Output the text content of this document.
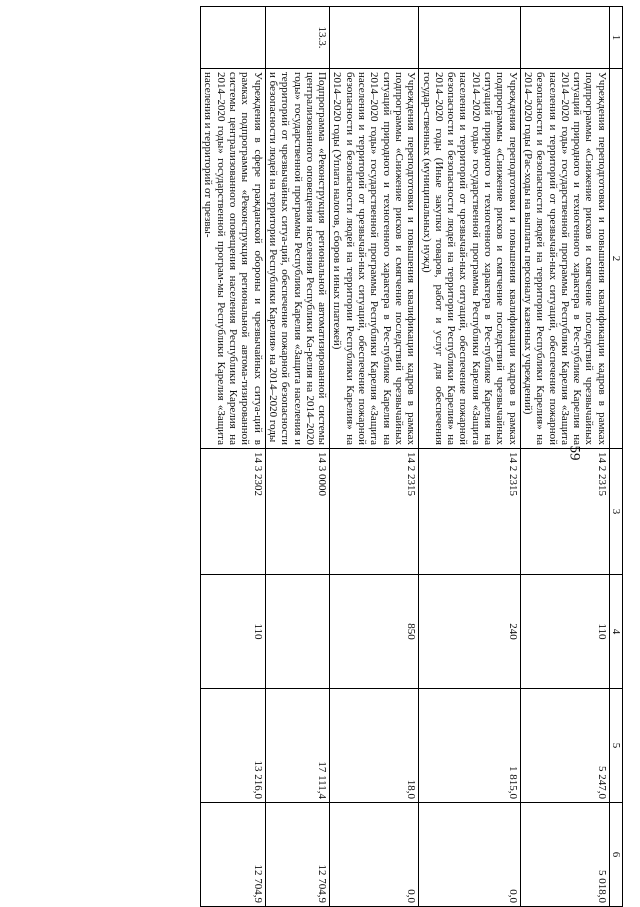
59
1	2	3	4	5	6
	Учреждения переподготовки и повышения квалификации кадров в рамках подпрограммы «Снижение рисков и смягчение последствий чрезвычайных ситуаций природного и техногенного характера в Рес-публике Карелия на 2014–2020 годы» государственной программы Республики Карелия «Защита населения и территорий от чрезвычай-ных ситуаций, обеспечение пожарной безопасности и безопасности людей на территории Республики Карелия» на 2014–2020 годы (Рас-ходы на выплаты персоналу казенных учреждений)	14 2 2315	110	5 247,0	5 018,0
	Учреждения переподготовки и повышения квалификации кадров в рамках подпрограммы «Снижение рисков и смягчение последствий чрезвычайных ситуаций природного и техногенного характера в Рес-публике Карелия на 2014–2020 годы» государственной программы Республики Карелия «Защита населения и территорий от чрезвычай-ных ситуаций, обеспечение пожарной безопасности и безопасности людей на территории Республики Карелия» на 2014–2020 годы (Иные закупки товаров, работ и услуг для обеспечения государ-ственных (муниципальных) нужд)	14 2 2315	240	1 815,0	0,0
	Учреждения переподготовки и повышения квалификации кадров в рамках подпрограммы «Снижение рисков и смягчение последствий чрезвычайных ситуаций природного и техногенного характера в Рес-публике Карелия на 2014–2020 годы» государственной программы Республики Карелия «Защита населения и территорий от чрезвычай-ных ситуаций, обеспечение пожарной безопасности и безопасности людей на территории Республики Карелия» на 2014–2020 годы (Уплата налогов, сборов и иных платежей)	14 2 2315	850	18,0	0,0
13.3.	Подпрограмма «Реконструкция региональной автоматизированной системы централизованного оповещения населения Республики Ка-релия на 2014–2020 годы» государственной программы Республики Карелия «Защита населения и территорий от чрезвычайных ситуа-ций, обеспечение пожарной безопасности и безопасности людей на территории Республики Карелия» на 2014–2020 годы	14 3 0000		17 111,4	12 704,9
	Учреждения в сфере гражданской обороны и чрезвычайных ситуа-ций в рамках подпрограммы «Реконструкция региональной автома-тизированной системы централизованного оповещения населения Республики Карелия на 2014–2020 годы» государственной програм-мы Республики Карелия «Защита населения и территорий от чрезвы-	14 3 2302	110	13 216,0	12 704,9
